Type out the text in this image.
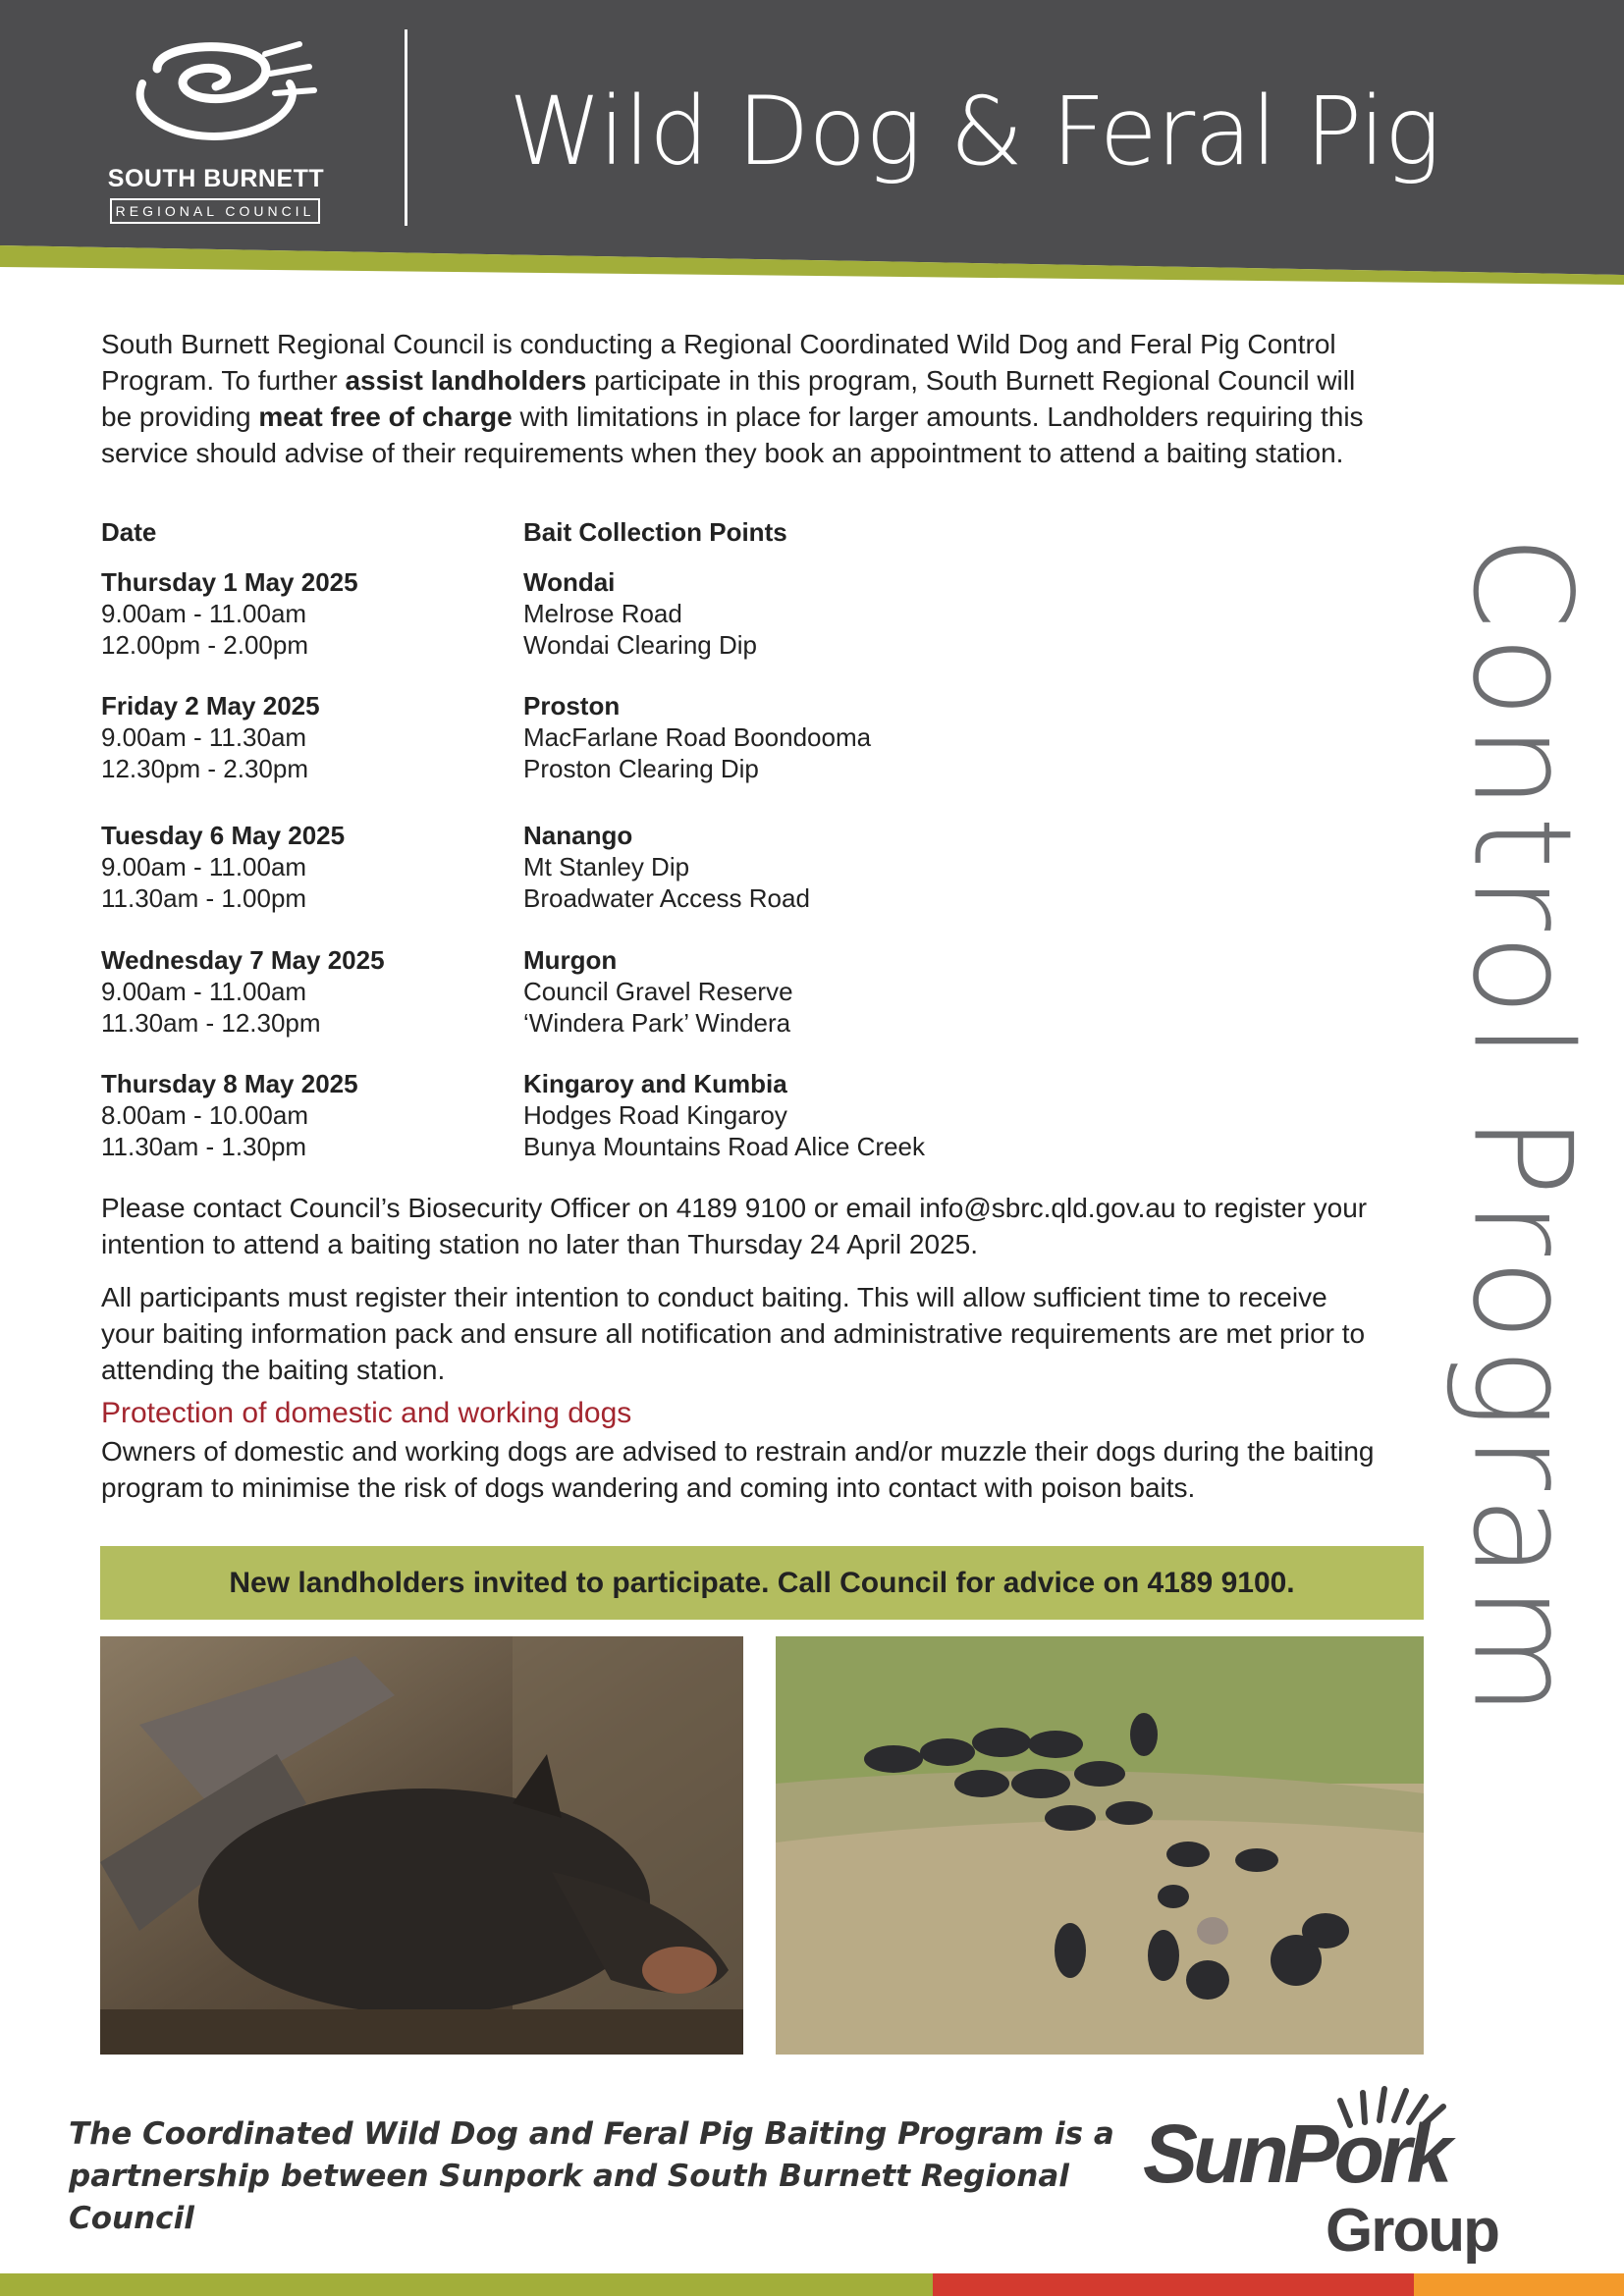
SOUTH BURNETT
REGIONAL COUNCIL
Wild Dog & Feral Pig
Control Program
South Burnett Regional Council is conducting a Regional Coordinated Wild Dog and Feral Pig Control Program. To further assist landholders participate in this program, South Burnett Regional Council will be providing meat free of charge with limitations in place for larger amounts. Landholders requiring this service should advise of their requirements when they book an appointment to attend a baiting station.
Date	Bait Collection Points
Thursday 1 May 2025
9.00am - 11.00am
12.00pm - 2.00pm
Wondai
Melrose Road
Wondai Clearing Dip
Friday 2 May 2025
9.00am - 11.30am
12.30pm - 2.30pm
Proston
MacFarlane Road Boondooma
Proston Clearing Dip
Tuesday 6 May 2025
9.00am - 11.00am
11.30am - 1.00pm
Nanango
Mt Stanley Dip
Broadwater Access Road
Wednesday 7 May 2025
9.00am - 11.00am
11.30am - 12.30pm
Murgon
Council Gravel Reserve
‘Windera Park’ Windera
Thursday 8 May 2025
8.00am - 10.00am
11.30am - 1.30pm
Kingaroy and Kumbia
Hodges Road Kingaroy
Bunya Mountains Road Alice Creek
Please contact Council’s Biosecurity Officer on 4189 9100 or email info@sbrc.qld.gov.au to register your intention to attend a baiting station no later than Thursday 24 April 2025.
All participants must register their intention to conduct baiting. This will allow sufficient time to receive your baiting information pack and ensure all notification and administrative requirements are met prior to attending the baiting station.
Protection of domestic and working dogs
Owners of domestic and working dogs are advised to restrain and/or muzzle their dogs during the baiting program to minimise the risk of dogs wandering and coming into contact with poison baits.
New landholders invited to participate. Call Council for advice on 4189 9100.
The Coordinated Wild Dog and Feral Pig Baiting Program is a
partnership between Sunpork and South Burnett Regional Council
SunPork
Group
